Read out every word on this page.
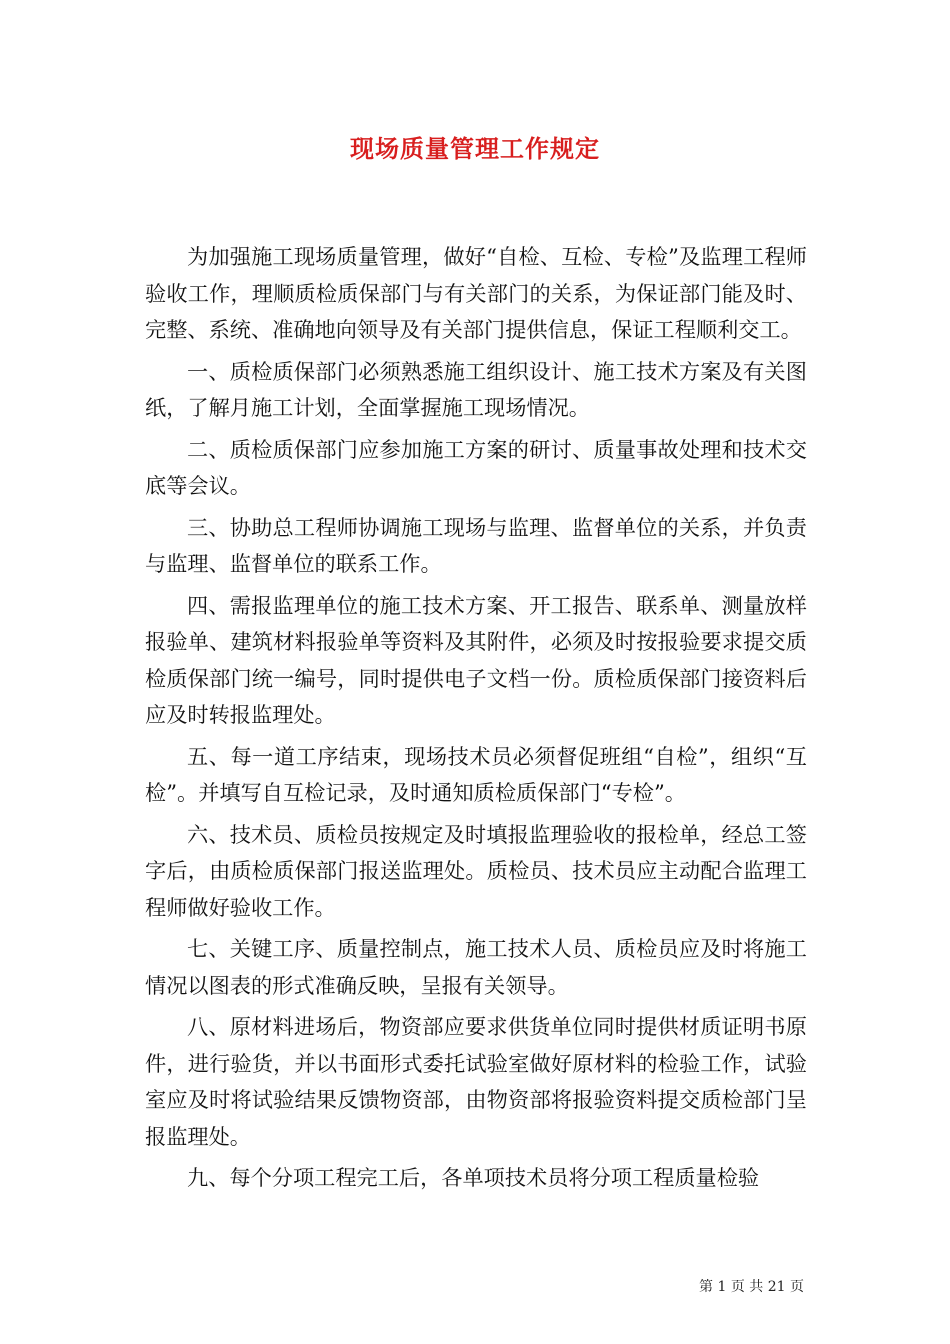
现场质量管理工作规定

为加强施工现场质量管理，做好“自检、互检、专检”及监理工程师验收工作，理顺质检质保部门与有关部门的关系，为保证部门能及时、完整、系统、准确地向领导及有关部门提供信息，保证工程顺利交工。

一、质检质保部门必须熟悉施工组织设计、施工技术方案及有关图纸，了解月施工计划，全面掌握施工现场情况。

二、质检质保部门应参加施工方案的研讨、质量事故处理和技术交底等会议。

三、协助总工程师协调施工现场与监理、监督单位的关系，并负责与监理、监督单位的联系工作。

四、需报监理单位的施工技术方案、开工报告、联系单、测量放样报验单、建筑材料报验单等资料及其附件，必须及时按报验要求提交质检质保部门统一编号，同时提供电子文档一份。质检质保部门接资料后应及时转报监理处。

五、每一道工序结束，现场技术员必须督促班组“自检”，组织“互检”。并填写自互检记录，及时通知质检质保部门“专检”。

六、技术员、质检员按规定及时填报监理验收的报检单，经总工签字后，由质检质保部门报送监理处。质检员、技术员应主动配合监理工程师做好验收工作。

七、关键工序、质量控制点，施工技术人员、质检员应及时将施工情况以图表的形式准确反映，呈报有关领导。

八、原材料进场后，物资部应要求供货单位同时提供材质证明书原件，进行验货，并以书面形式委托试验室做好原材料的检验工作，试验室应及时将试验结果反馈物资部，由物资部将报验资料提交质检部门呈报监理处。

九、每个分项工程完工后，各单项技术员将分项工程质量检验

第 1 页 共 21 页
